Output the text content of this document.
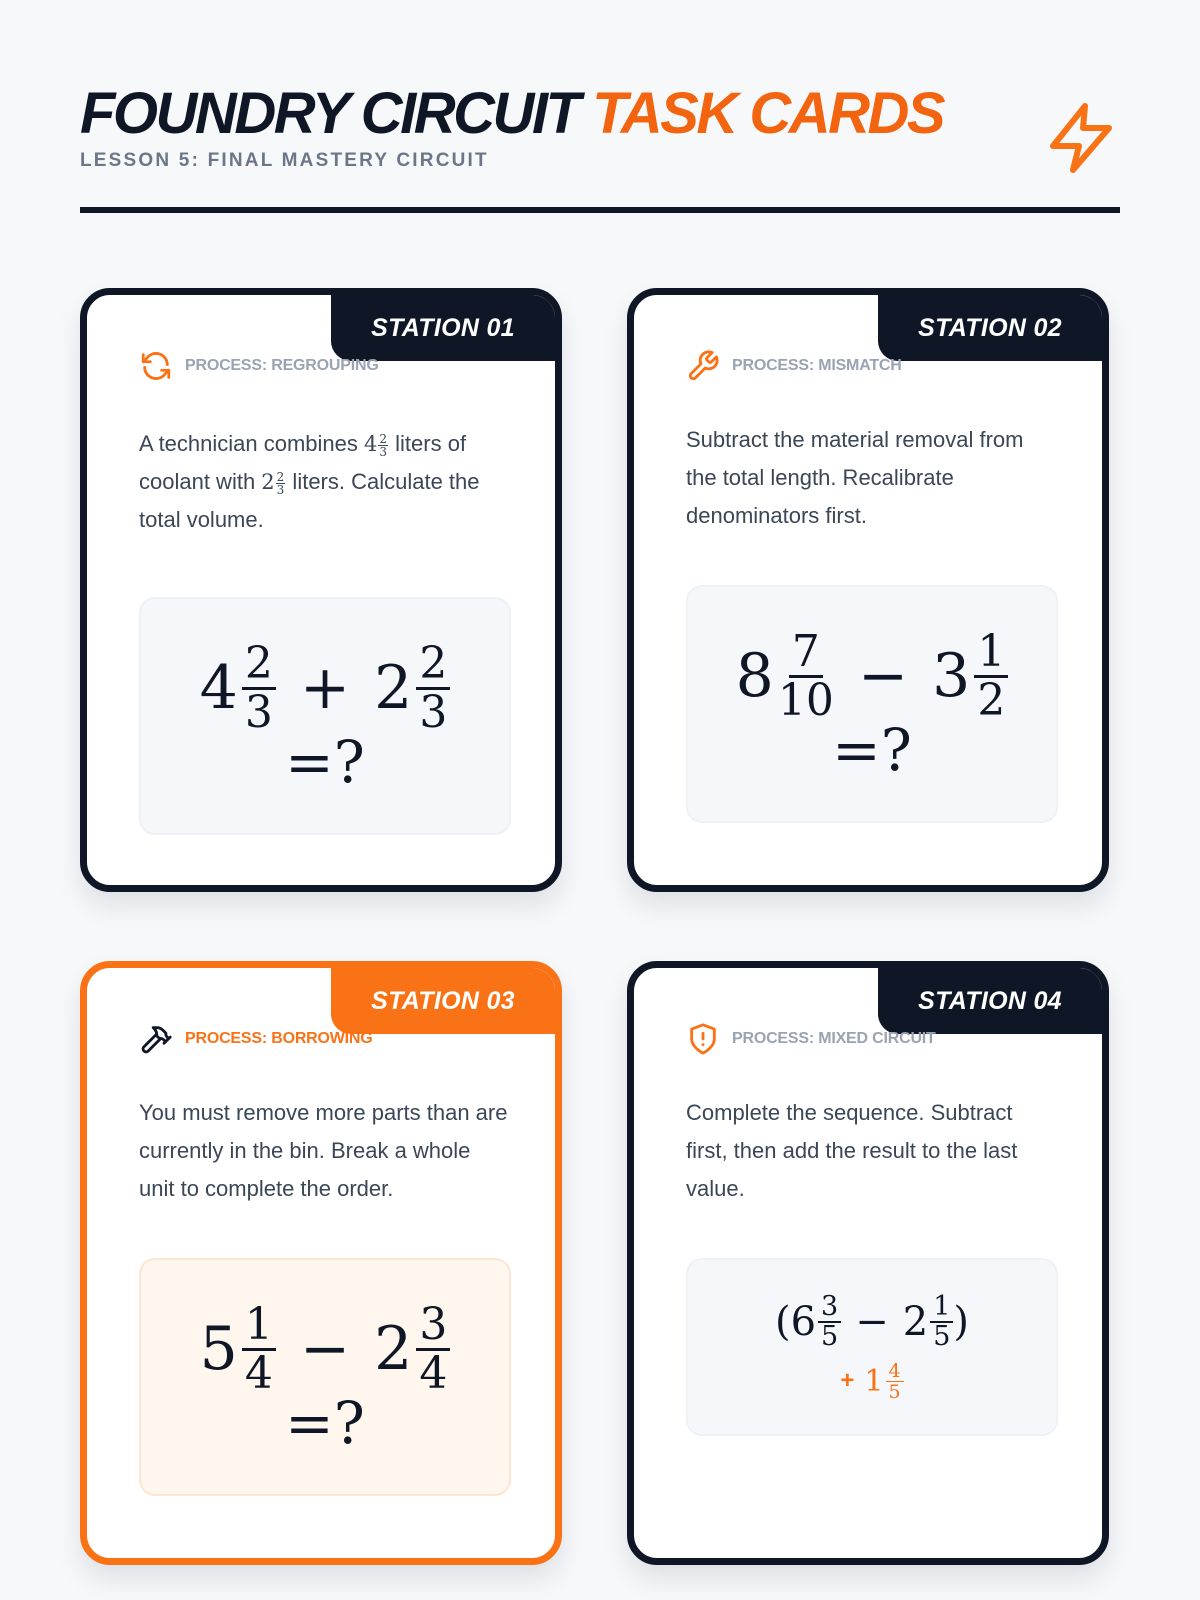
FOUNDRY CIRCUIT TASK CARDS
LESSON 5: FINAL MASTERY CIRCUIT
STATION 01
PROCESS: REGROUPING
A technician combines $4 \frac{2}{3}$ liters of coolant with $2 \frac{2}{3}$ liters. Calculate the total volume.
4 2
3 + 2 2
3
=?
STATION 02
PROCESS: MISMATCH
Subtract the material removal from the total length. Recalibrate denominators first.
8 7
10 − 3 1
2
=?
STATION 03
PROCESS: BORROWING
You must remove more parts than are currently in the bin. Break a whole unit to complete the order.
5 1
4 − 2 3
4
=?
STATION 04
PROCESS: MIXED CIRCUIT
Complete the sequence. Subtract first, then add the result to the last value.
( 6 3
5 − 2 1
5 )
+ 1 4
5
